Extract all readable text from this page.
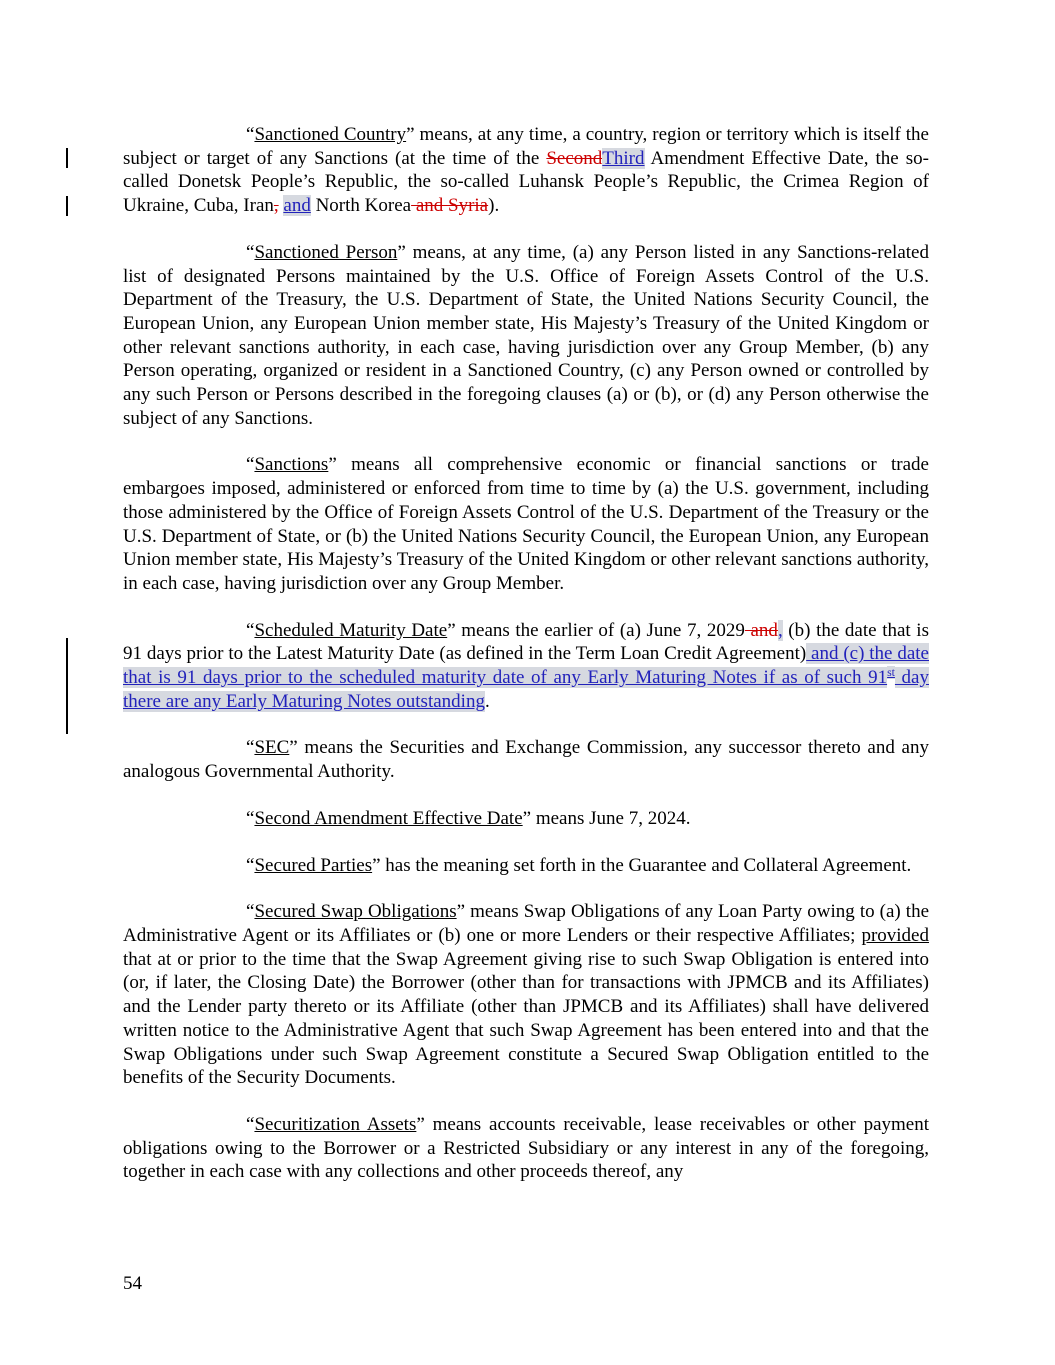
“Sanctioned Country” means, at any time, a country, region or territory which is itself the subject or target of any Sanctions (at the time of the SecondThird Amendment Effective Date, the so-called Donetsk People’s Republic, the so-called Luhansk People’s Republic, the Crimea Region of Ukraine, Cuba, Iran, and North Korea and Syria).

“Sanctioned Person” means, at any time, (a) any Person listed in any Sanctions-related list of designated Persons maintained by the U.S. Office of Foreign Assets Control of the U.S. Department of the Treasury, the U.S. Department of State, the United Nations Security Council, the European Union, any European Union member state, His Majesty’s Treasury of the United Kingdom or other relevant sanctions authority, in each case, having jurisdiction over any Group Member, (b) any Person operating, organized or resident in a Sanctioned Country, (c) any Person owned or controlled by any such Person or Persons described in the foregoing clauses (a) or (b), or (d) any Person otherwise the subject of any Sanctions.

“Sanctions” means all comprehensive economic or financial sanctions or trade embargoes imposed, administered or enforced from time to time by (a) the U.S. government, including those administered by the Office of Foreign Assets Control of the U.S. Department of the Treasury or the U.S. Department of State, or (b) the United Nations Security Council, the European Union, any European Union member state, His Majesty’s Treasury of the United Kingdom or other relevant sanctions authority, in each case, having jurisdiction over any Group Member.

“Scheduled Maturity Date” means the earlier of (a) June 7, 2029 and, (b) the date that is 91 days prior to the Latest Maturity Date (as defined in the Term Loan Credit Agreement) and (c) the date that is 91 days prior to the scheduled maturity date of any Early Maturing Notes if as of such 91st day there are any Early Maturing Notes outstanding.

“SEC” means the Securities and Exchange Commission, any successor thereto and any analogous Governmental Authority.

“Second Amendment Effective Date” means June 7, 2024.

“Secured Parties” has the meaning set forth in the Guarantee and Collateral Agreement.

“Secured Swap Obligations” means Swap Obligations of any Loan Party owing to (a) the Administrative Agent or its Affiliates or (b) one or more Lenders or their respective Affiliates; provided that at or prior to the time that the Swap Agreement giving rise to such Swap Obligation is entered into (or, if later, the Closing Date) the Borrower (other than for transactions with JPMCB and its Affiliates) and the Lender party thereto or its Affiliate (other than JPMCB and its Affiliates) shall have delivered written notice to the Administrative Agent that such Swap Agreement has been entered into and that the Swap Obligations under such Swap Agreement constitute a Secured Swap Obligation entitled to the benefits of the Security Documents.

“Securitization Assets” means accounts receivable, lease receivables or other payment obligations owing to the Borrower or a Restricted Subsidiary or any interest in any of the foregoing, together in each case with any collections and other proceeds thereof, any

54
